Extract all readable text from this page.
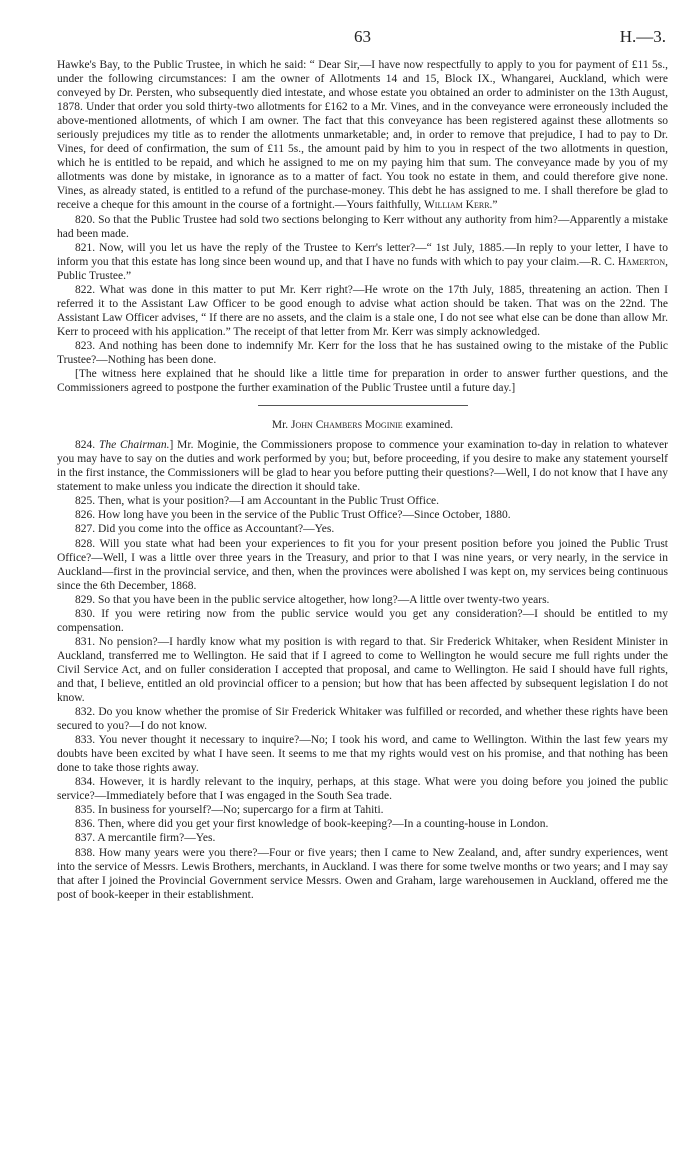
63	H.—3.

Hawke's Bay, to the Public Trustee, in which he said: “ Dear Sir,—I have now respectfully to apply to you for payment of £11 5s., under the following circumstances: I am the owner of Allotments 14 and 15, Block IX., Whangarei, Auckland, which were conveyed by Dr. Persten, who subsequently died intestate, and whose estate you obtained an order to administer on the 13th August, 1878. Under that order you sold thirty-two allotments for £162 to a Mr. Vines, and in the conveyance were erroneously included the above-mentioned allotments, of which I am owner. The fact that this conveyance has been registered against these allotments so seriously prejudices my title as to render the allotments unmarketable; and, in order to remove that prejudice, I had to pay to Dr. Vines, for deed of confirmation, the sum of £11 5s., the amount paid by him to you in respect of the two allotments in question, which he is entitled to be repaid, and which he assigned to me on my paying him that sum. The conveyance made by you of my allotments was done by mistake, in ignorance as to a matter of fact. You took no estate in them, and could therefore give none. Vines, as already stated, is entitled to a refund of the purchase-money. This debt he has assigned to me. I shall therefore be glad to receive a cheque for this amount in the course of a fortnight.—Yours faithfully, William Kerr.”

820. So that the Public Trustee had sold two sections belonging to Kerr without any authority from him?—Apparently a mistake had been made.

821. Now, will you let us have the reply of the Trustee to Kerr's letter?—“ 1st July, 1885.—In reply to your letter, I have to inform you that this estate has long since been wound up, and that I have no funds with which to pay your claim.—R. C. Hamerton, Public Trustee.”

822. What was done in this matter to put Mr. Kerr right?—He wrote on the 17th July, 1885, threatening an action. Then I referred it to the Assistant Law Officer to be good enough to advise what action should be taken. That was on the 22nd. The Assistant Law Officer advises, “ If there are no assets, and the claim is a stale one, I do not see what else can be done than allow Mr. Kerr to proceed with his application.” The receipt of that letter from Mr. Kerr was simply acknowledged.

823. And nothing has been done to indemnify Mr. Kerr for the loss that he has sustained owing to the mistake of the Public Trustee?—Nothing has been done.

[The witness here explained that he should like a little time for preparation in order to answer further questions, and the Commissioners agreed to postpone the further examination of the Public Trustee until a future day.]

Mr. John Chambers Moginie examined.

824. The Chairman.] Mr. Moginie, the Commissioners propose to commence your examination to-day in relation to whatever you may have to say on the duties and work performed by you; but, before proceeding, if you desire to make any statement yourself in the first instance, the Commissioners will be glad to hear you before putting their questions?—Well, I do not know that I have any statement to make unless you indicate the direction it should take.

825. Then, what is your position?—I am Accountant in the Public Trust Office.

826. How long have you been in the service of the Public Trust Office?—Since October, 1880.

827. Did you come into the office as Accountant?—Yes.

828. Will you state what had been your experiences to fit you for your present position before you joined the Public Trust Office?—Well, I was a little over three years in the Treasury, and prior to that I was nine years, or very nearly, in the service in Auckland—first in the provincial service, and then, when the provinces were abolished I was kept on, my services being continuous since the 6th December, 1868.

829. So that you have been in the public service altogether, how long?—A little over twenty-two years.

830. If you were retiring now from the public service would you get any consideration?—I should be entitled to my compensation.

831. No pension?—I hardly know what my position is with regard to that. Sir Frederick Whitaker, when Resident Minister in Auckland, transferred me to Wellington. He said that if I agreed to come to Wellington he would secure me full rights under the Civil Service Act, and on fuller consideration I accepted that proposal, and came to Wellington. He said I should have full rights, and that, I believe, entitled an old provincial officer to a pension; but how that has been affected by subsequent legislation I do not know.

832. Do you know whether the promise of Sir Frederick Whitaker was fulfilled or recorded, and whether these rights have been secured to you?—I do not know.

833. You never thought it necessary to inquire?—No; I took his word, and came to Wellington. Within the last few years my doubts have been excited by what I have seen. It seems to me that my rights would vest on his promise, and that nothing has been done to take those rights away.

834. However, it is hardly relevant to the inquiry, perhaps, at this stage. What were you doing before you joined the public service?—Immediately before that I was engaged in the South Sea trade.

835. In business for yourself?—No; supercargo for a firm at Tahiti.

836. Then, where did you get your first knowledge of book-keeping?—In a counting-house in London.

837. A mercantile firm?—Yes.

838. How many years were you there?—Four or five years; then I came to New Zealand, and, after sundry experiences, went into the service of Messrs. Lewis Brothers, merchants, in Auckland. I was there for some twelve months or two years; and I may say that after I joined the Provincial Government service Messrs. Owen and Graham, large warehousemen in Auckland, offered me the post of book-keeper in their establishment.
